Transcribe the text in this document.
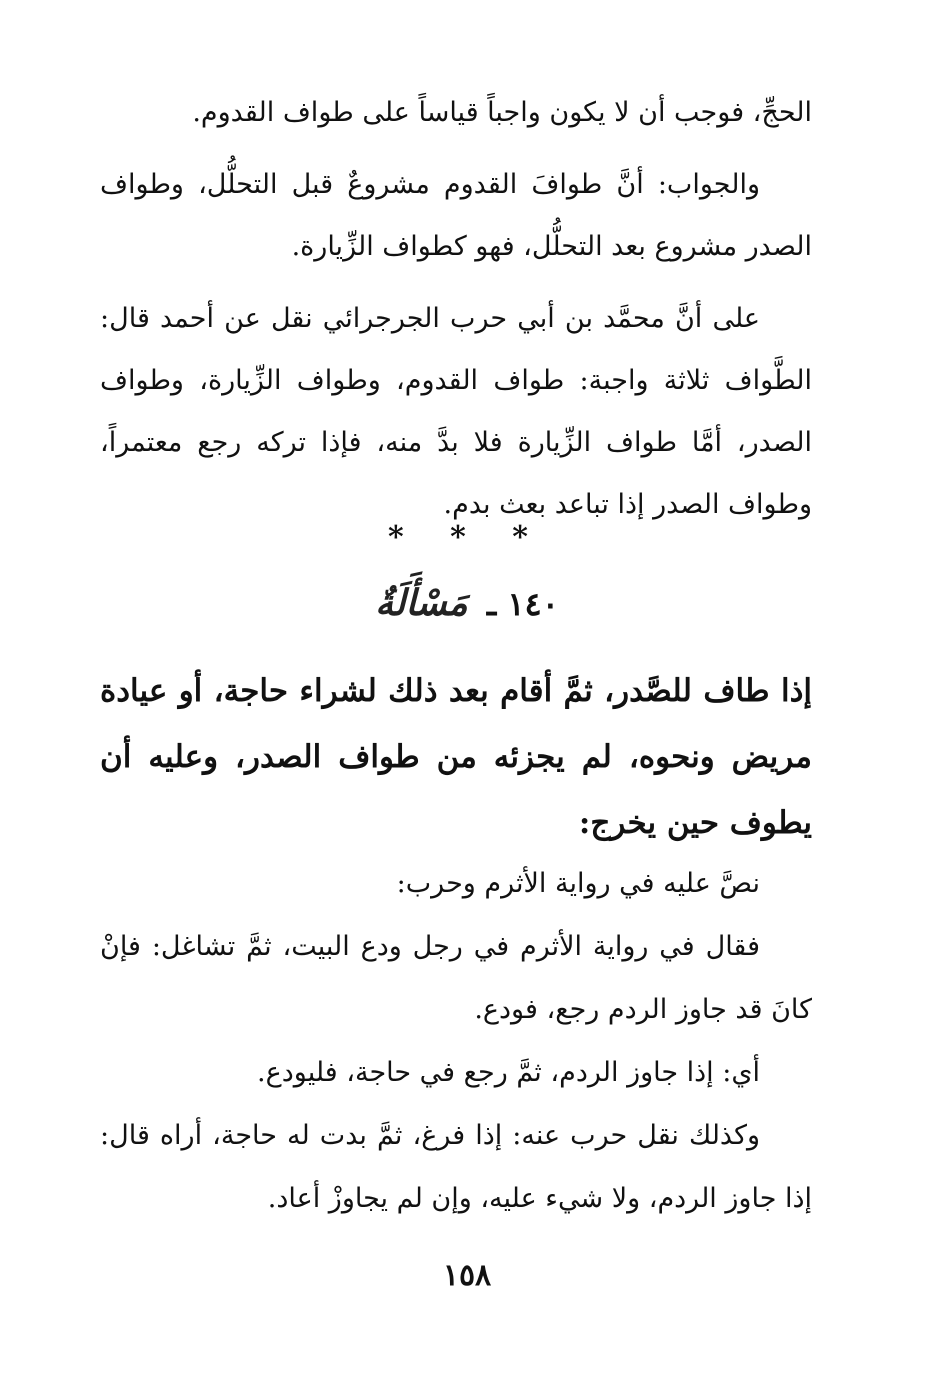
الحجِّ، فوجب أن لا يكون واجباً قياساً على طواف القدوم.

والجواب: أنَّ طوافَ القدوم مشروعٌ قبل التحلُّل، وطواف الصدر مشروع بعد التحلُّل، فهو كطواف الزِّيارة.

على أنَّ محمَّد بن أبي حرب الجرجرائي نقل عن أحمد قال: الطَّواف ثلاثة واجبة: طواف القدوم، وطواف الزِّيارة، وطواف الصدر، أمَّا طواف الزِّيارة فلا بدَّ منه، فإذا تركه رجع معتمراً، وطواف الصدر إذا تباعد بعث بدم.

* * *
١٤٠ ـ مَسْأَلَةٌ

إذا طاف للصَّدر، ثمَّ أقام بعد ذلك لشراء حاجة، أو عيادة مريض ونحوه، لم يجزئه من طواف الصدر، وعليه أن يطوف حين يخرج:

نصَّ عليه في رواية الأثرم وحرب:

فقال في رواية الأثرم في رجل ودع البيت، ثمَّ تشاغل: فإنْ كانَ قد جاوز الردم رجع، فودع.

أي: إذا جاوز الردم، ثمَّ رجع في حاجة، فليودع.

وكذلك نقل حرب عنه: إذا فرغ، ثمَّ بدت له حاجة، أراه قال: إذا جاوز الردم، ولا شيء عليه، وإن لم يجاوزْ أعاد.

١٥٨
